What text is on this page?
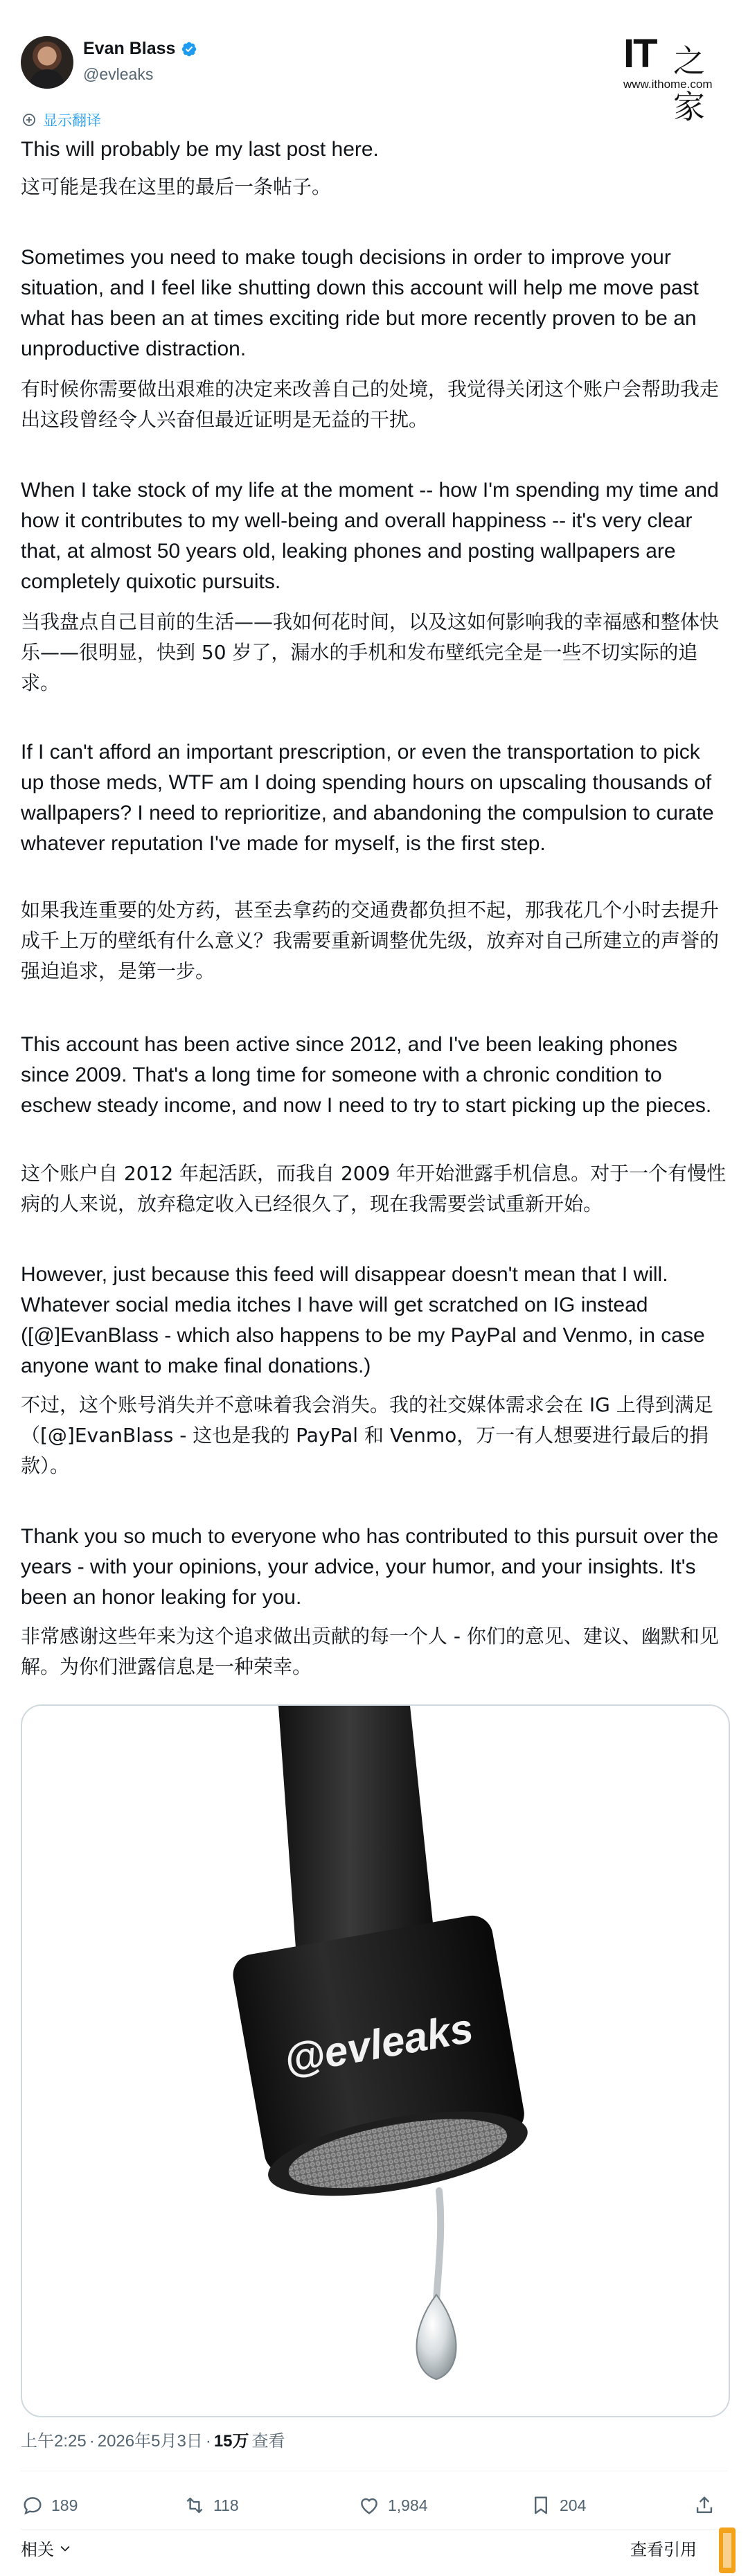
Evan Blass
@evleaks	IT 之家
www.ithome.com
显示翻译

This will probably be my last post here.

这可能是我在这里的最后一条帖子。

Sometimes you need to make tough decisions in order to improve your situation, and I feel like shutting down this account will help me move past what has been an at times exciting ride but more recently proven to be an unproductive distraction.

有时候你需要做出艰难的决定来改善自己的处境，我觉得关闭这个账户会帮助我走出这段曾经令人兴奋但最近证明是无益的干扰。

When I take stock of my life at the moment -- how I'm spending my time and how it contributes to my well-being and overall happiness -- it's very clear that, at almost 50 years old, leaking phones and posting wallpapers are completely quixotic pursuits.

当我盘点自己目前的生活——我如何花时间，以及这如何影响我的幸福感和整体快乐——很明显，快到 50 岁了，漏水的手机和发布壁纸完全是一些不切实际的追求。

If I can't afford an important prescription, or even the transportation to pick up those meds, WTF am I doing spending hours on upscaling thousands of wallpapers? I need to reprioritize, and abandoning the compulsion to curate whatever reputation I've made for myself, is the first step.

如果我连重要的处方药，甚至去拿药的交通费都负担不起，那我花几个小时去提升成千上万的壁纸有什么意义？我需要重新调整优先级，放弃对自己所建立的声誉的强迫追求，是第一步。

This account has been active since 2012, and I've been leaking phones since 2009. That's a long time for someone with a chronic condition to eschew steady income, and now I need to try to start picking up the pieces.

这个账户自 2012 年起活跃，而我自 2009 年开始泄露手机信息。对于一个有慢性病的人来说，放弃稳定收入已经很久了，现在我需要尝试重新开始。

However, just because this feed will disappear doesn't mean that I will. Whatever social media itches I have will get scratched on IG instead ([@]EvanBlass - which also happens to be my PayPal and Venmo, in case anyone want to make final donations.)

不过，这个账号消失并不意味着我会消失。我的社交媒体需求会在 IG 上得到满足（[@]EvanBlass - 这也是我的 PayPal 和 Venmo，万一有人想要进行最后的捐款）。

Thank you so much to everyone who has contributed to this pursuit over the years - with your opinions, your advice, your humor, and your insights. It's been an honor leaking for you.

非常感谢这些年来为这个追求做出贡献的每一个人 - 你们的意见、建议、幽默和见解。为你们泄露信息是一种荣幸。

@evleaks
上午2:25 · 2026年5月3日 · 15万 查看
189	118	1,984	204
相关	查看引用
